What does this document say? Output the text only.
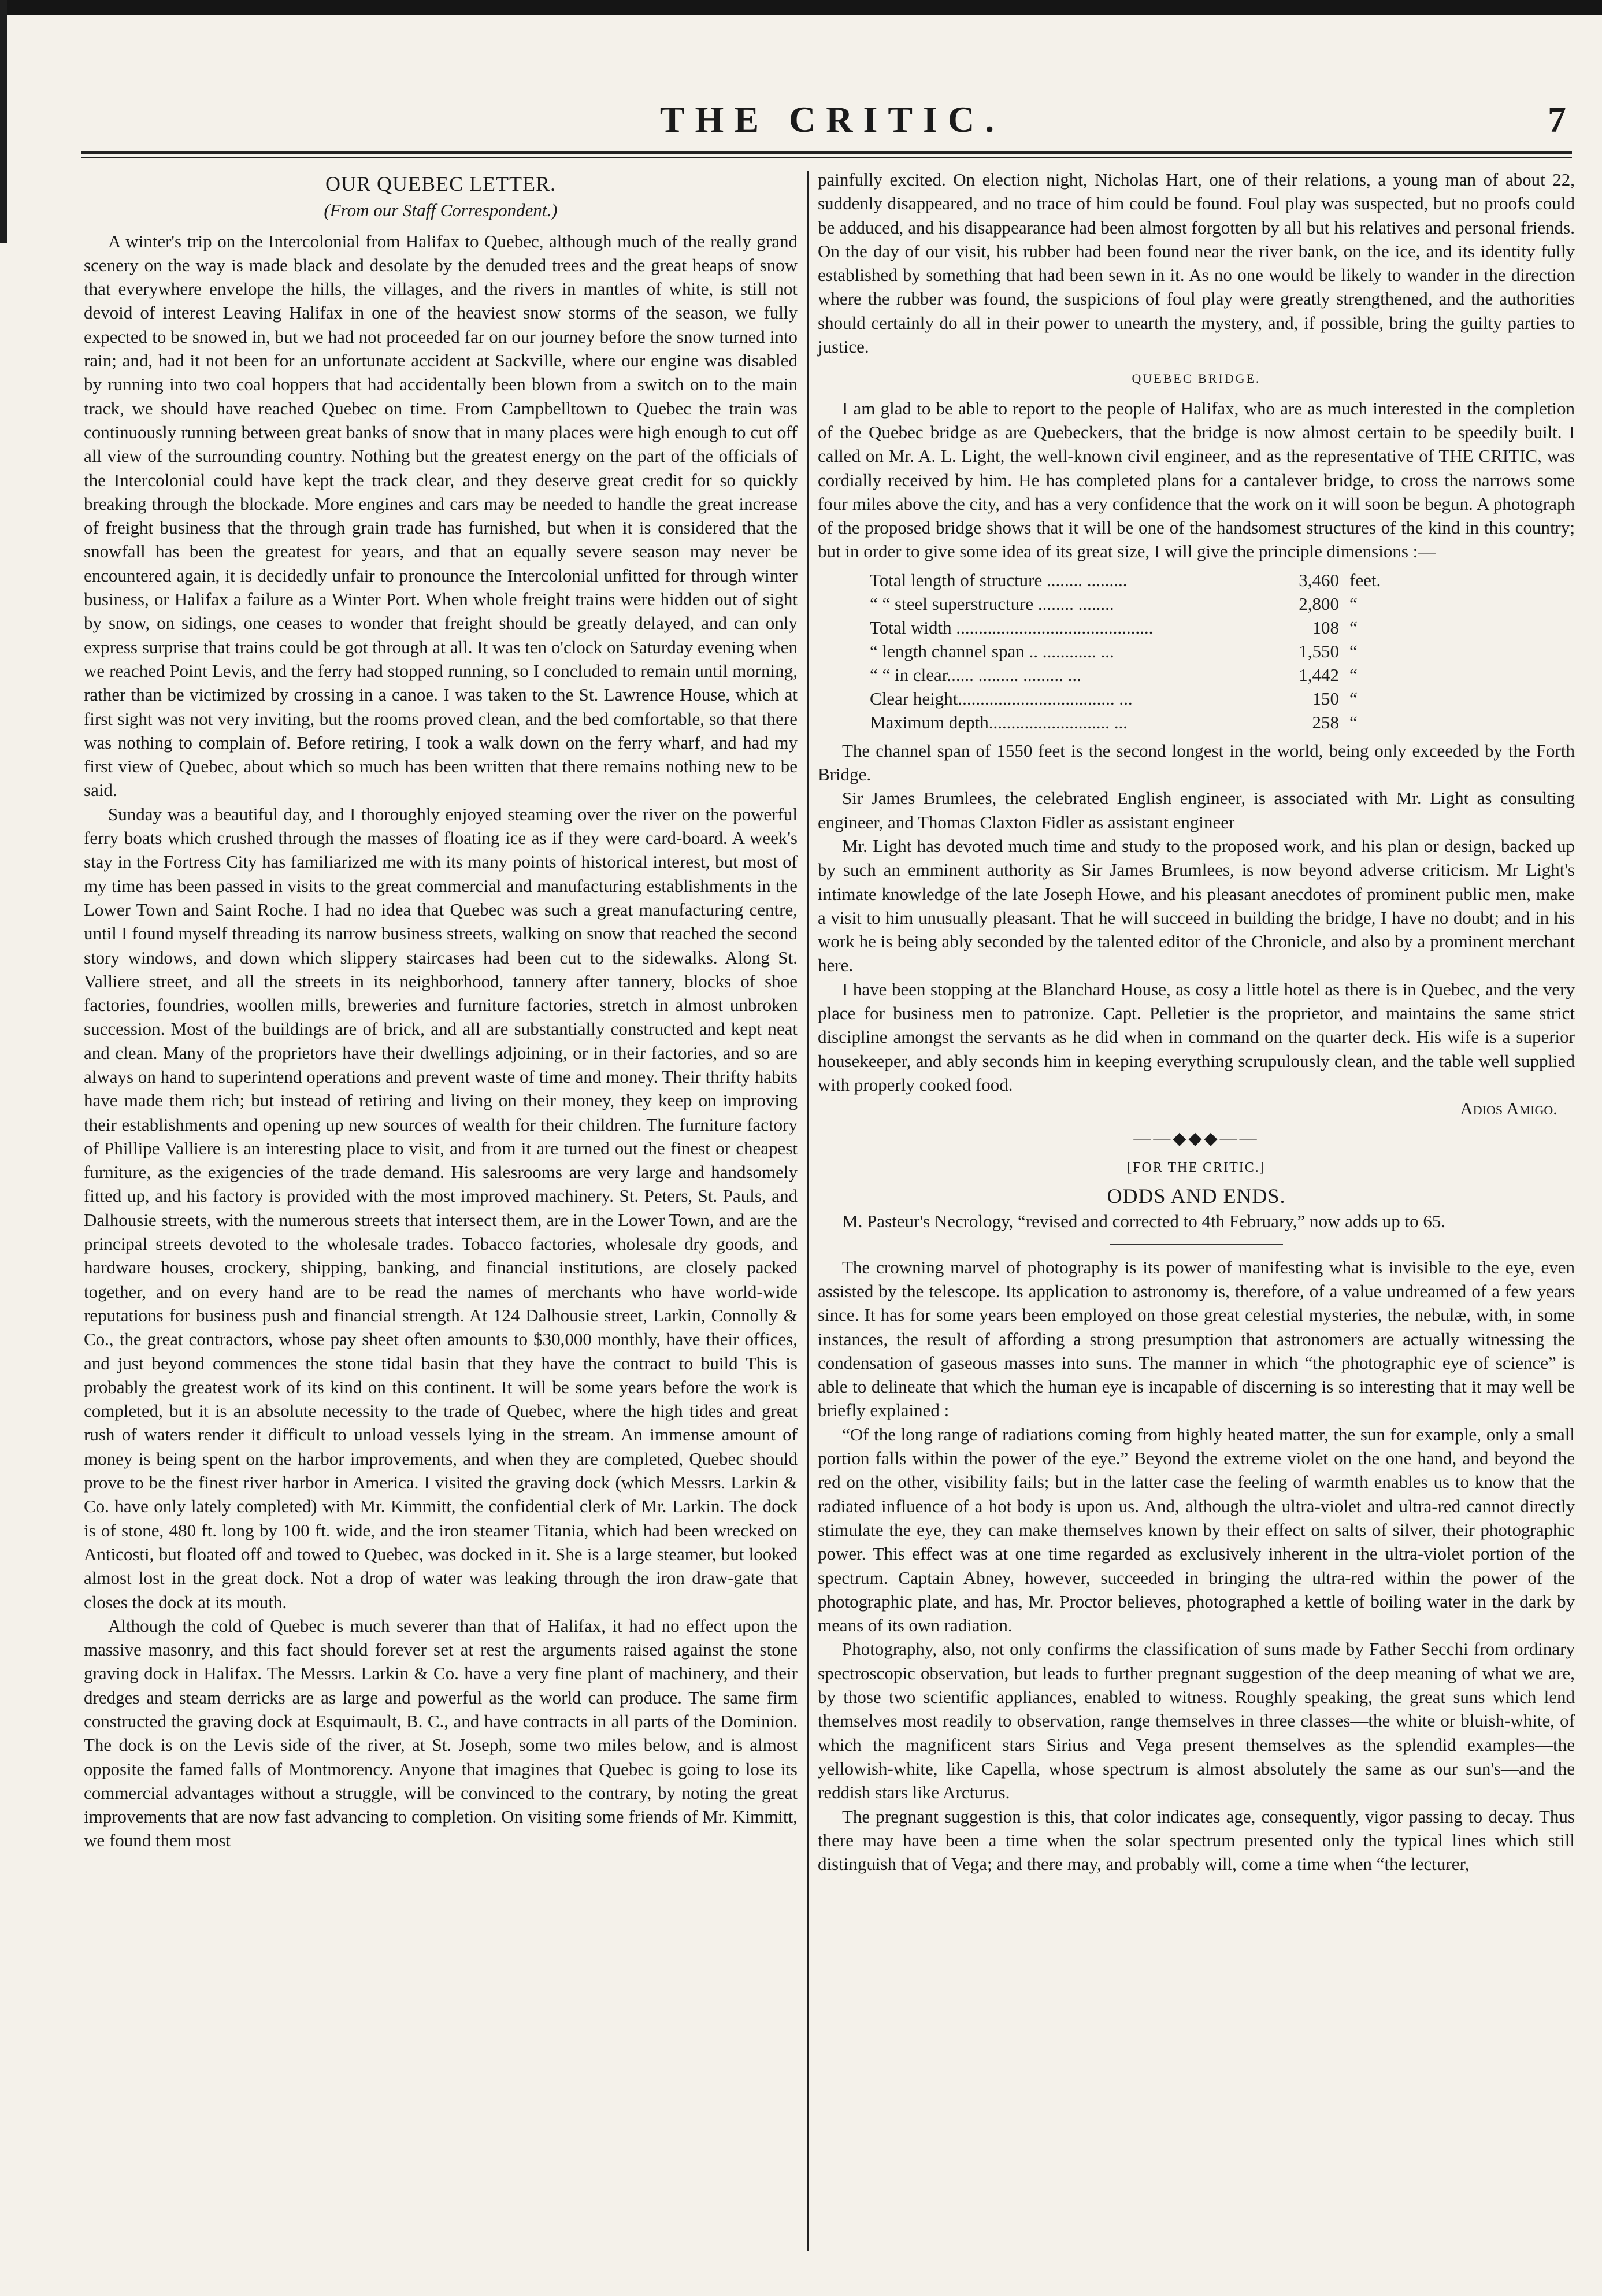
THE CRITIC.	7
OUR QUEBEC LETTER.
(From our Staff Correspondent.)

A winter's trip on the Intercolonial from Halifax to Quebec, although much of the really grand scenery on the way is made black and desolate by the denuded trees and the great heaps of snow that everywhere envelope the hills, the villages, and the rivers in mantles of white, is still not devoid of interest Leaving Halifax in one of the heaviest snow storms of the season, we fully expected to be snowed in, but we had not proceeded far on our journey before the snow turned into rain; and, had it not been for an unfortunate accident at Sackville, where our engine was disabled by running into two coal hoppers that had accidentally been blown from a switch on to the main track, we should have reached Quebec on time. From Campbelltown to Quebec the train was continuously running between great banks of snow that in many places were high enough to cut off all view of the surrounding country. Nothing but the greatest energy on the part of the officials of the Intercolonial could have kept the track clear, and they deserve great credit for so quickly breaking through the blockade. More engines and cars may be needed to handle the great increase of freight business that the through grain trade has furnished, but when it is considered that the snowfall has been the greatest for years, and that an equally severe season may never be encountered again, it is decidedly unfair to pronounce the Intercolonial unfitted for through winter business, or Halifax a failure as a Winter Port. When whole freight trains were hidden out of sight by snow, on sidings, one ceases to wonder that freight should be greatly delayed, and can only express surprise that trains could be got through at all. It was ten o'clock on Saturday evening when we reached Point Levis, and the ferry had stopped running, so I concluded to remain until morning, rather than be victimized by crossing in a canoe. I was taken to the St. Lawrence House, which at first sight was not very inviting, but the rooms proved clean, and the bed comfortable, so that there was nothing to complain of. Before retiring, I took a walk down on the ferry wharf, and had my first view of Quebec, about which so much has been written that there remains nothing new to be said.

Sunday was a beautiful day, and I thoroughly enjoyed steaming over the river on the powerful ferry boats which crushed through the masses of floating ice as if they were card-board. A week's stay in the Fortress City has familiarized me with its many points of historical interest, but most of my time has been passed in visits to the great commercial and manufacturing establishments in the Lower Town and Saint Roche. I had no idea that Quebec was such a great manufacturing centre, until I found myself threading its narrow business streets, walking on snow that reached the second story windows, and down which slippery staircases had been cut to the sidewalks. Along St. Valliere street, and all the streets in its neighborhood, tannery after tannery, blocks of shoe factories, foundries, woollen mills, breweries and furniture factories, stretch in almost unbroken succession. Most of the buildings are of brick, and all are substantially constructed and kept neat and clean. Many of the proprietors have their dwellings adjoining, or in their factories, and so are always on hand to superintend operations and prevent waste of time and money. Their thrifty habits have made them rich; but instead of retiring and living on their money, they keep on improving their establishments and opening up new sources of wealth for their children. The furniture factory of Phillipe Valliere is an interesting place to visit, and from it are turned out the finest or cheapest furniture, as the exigencies of the trade demand. His salesrooms are very large and handsomely fitted up, and his factory is provided with the most improved machinery. St. Peters, St. Pauls, and Dalhousie streets, with the numerous streets that intersect them, are in the Lower Town, and are the principal streets devoted to the wholesale trades. Tobacco factories, wholesale dry goods, and hardware houses, crockery, shipping, banking, and financial institutions, are closely packed together, and on every hand are to be read the names of merchants who have world-wide reputations for business push and financial strength. At 124 Dalhousie street, Larkin, Connolly & Co., the great contractors, whose pay sheet often amounts to $30,000 monthly, have their offices, and just beyond commences the stone tidal basin that they have the contract to build This is probably the greatest work of its kind on this continent. It will be some years before the work is completed, but it is an absolute necessity to the trade of Quebec, where the high tides and great rush of waters render it difficult to unload vessels lying in the stream. An immense amount of money is being spent on the harbor improvements, and when they are completed, Quebec should prove to be the finest river harbor in America. I visited the graving dock (which Messrs. Larkin & Co. have only lately completed) with Mr. Kimmitt, the confidential clerk of Mr. Larkin. The dock is of stone, 480 ft. long by 100 ft. wide, and the iron steamer Titania, which had been wrecked on Anticosti, but floated off and towed to Quebec, was docked in it. She is a large steamer, but looked almost lost in the great dock. Not a drop of water was leaking through the iron draw-gate that closes the dock at its mouth.

Although the cold of Quebec is much severer than that of Halifax, it had no effect upon the massive masonry, and this fact should forever set at rest the arguments raised against the stone graving dock in Halifax. The Messrs. Larkin & Co. have a very fine plant of machinery, and their dredges and steam derricks are as large and powerful as the world can produce. The same firm constructed the graving dock at Esquimault, B. C., and have contracts in all parts of the Dominion. The dock is on the Levis side of the river, at St. Joseph, some two miles below, and is almost opposite the famed falls of Montmorency. Anyone that imagines that Quebec is going to lose its commercial advantages without a struggle, will be convinced to the contrary, by noting the great improvements that are now fast advancing to completion. On visiting some friends of Mr. Kimmitt, we found them most

painfully excited. On election night, Nicholas Hart, one of their relations, a young man of about 22, suddenly disappeared, and no trace of him could be found. Foul play was suspected, but no proofs could be adduced, and his disappearance had been almost forgotten by all but his relatives and personal friends. On the day of our visit, his rubber had been found near the river bank, on the ice, and its identity fully established by something that had been sewn in it. As no one would be likely to wander in the direction where the rubber was found, the suspicions of foul play were greatly strengthened, and the authorities should certainly do all in their power to unearth the mystery, and, if possible, bring the guilty parties to justice.

QUEBEC BRIDGE.

I am glad to be able to report to the people of Halifax, who are as much interested in the completion of the Quebec bridge as are Quebeckers, that the bridge is now almost certain to be speedily built. I called on Mr. A. L. Light, the well-known civil engineer, and as the representative of THE CRITIC, was cordially received by him. He has completed plans for a cantalever bridge, to cross the narrows some four miles above the city, and has a very confidence that the work on it will soon be begun. A photograph of the proposed bridge shows that it will be one of the handsomest structures of the kind in this country; but in order to give some idea of its great size, I will give the principle dimensions :—

Total length of structure ........ .........	3,460	feet.
“ “ steel superstructure ........ ........	2,800	“
Total width ............................................	108	“
“ length channel span .. ............ ...	1,550	“
“ “ in clear...... ......... ......... ...	1,442	“
Clear height................................... ...	150	“
Maximum depth........................... ...	258	“

The channel span of 1550 feet is the second longest in the world, being only exceeded by the Forth Bridge.

Sir James Brumlees, the celebrated English engineer, is associated with Mr. Light as consulting engineer, and Thomas Claxton Fidler as assistant engineer

Mr. Light has devoted much time and study to the proposed work, and his plan or design, backed up by such an emminent authority as Sir James Brumlees, is now beyond adverse criticism. Mr Light's intimate knowledge of the late Joseph Howe, and his pleasant anecdotes of prominent public men, make a visit to him unusually pleasant. That he will succeed in building the bridge, I have no doubt; and in his work he is being ably seconded by the talented editor of the Chronicle, and also by a prominent merchant here.

I have been stopping at the Blanchard House, as cosy a little hotel as there is in Quebec, and the very place for business men to patronize. Capt. Pelletier is the proprietor, and maintains the same strict discipline amongst the servants as he did when in command on the quarter deck. His wife is a superior housekeeper, and ably seconds him in keeping everything scrupulously clean, and the table well supplied with properly cooked food.

Adios Amigo.
——◆◆◆——
[FOR THE CRITIC.]
ODDS AND ENDS.

M. Pasteur's Necrology, “revised and corrected to 4th February,” now adds up to 65.

The crowning marvel of photography is its power of manifesting what is invisible to the eye, even assisted by the telescope. Its application to astronomy is, therefore, of a value undreamed of a few years since. It has for some years been employed on those great celestial mysteries, the nebulæ, with, in some instances, the result of affording a strong presumption that astronomers are actually witnessing the condensation of gaseous masses into suns. The manner in which “the photographic eye of science” is able to delineate that which the human eye is incapable of discerning is so interesting that it may well be briefly explained :

“Of the long range of radiations coming from highly heated matter, the sun for example, only a small portion falls within the power of the eye.” Beyond the extreme violet on the one hand, and beyond the red on the other, visibility fails; but in the latter case the feeling of warmth enables us to know that the radiated influence of a hot body is upon us. And, although the ultra-violet and ultra-red cannot directly stimulate the eye, they can make themselves known by their effect on salts of silver, their photographic power. This effect was at one time regarded as exclusively inherent in the ultra-violet portion of the spectrum. Captain Abney, however, succeeded in bringing the ultra-red within the power of the photographic plate, and has, Mr. Proctor believes, photographed a kettle of boiling water in the dark by means of its own radiation.

Photography, also, not only confirms the classification of suns made by Father Secchi from ordinary spectroscopic observation, but leads to further pregnant suggestion of the deep meaning of what we are, by those two scientific appliances, enabled to witness. Roughly speaking, the great suns which lend themselves most readily to observation, range themselves in three classes—the white or bluish-white, of which the magnificent stars Sirius and Vega present themselves as the splendid examples—the yellowish-white, like Capella, whose spectrum is almost absolutely the same as our sun's—and the reddish stars like Arcturus.

The pregnant suggestion is this, that color indicates age, consequently, vigor passing to decay. Thus there may have been a time when the solar spectrum presented only the typical lines which still distinguish that of Vega; and there may, and probably will, come a time when “the lecturer,
